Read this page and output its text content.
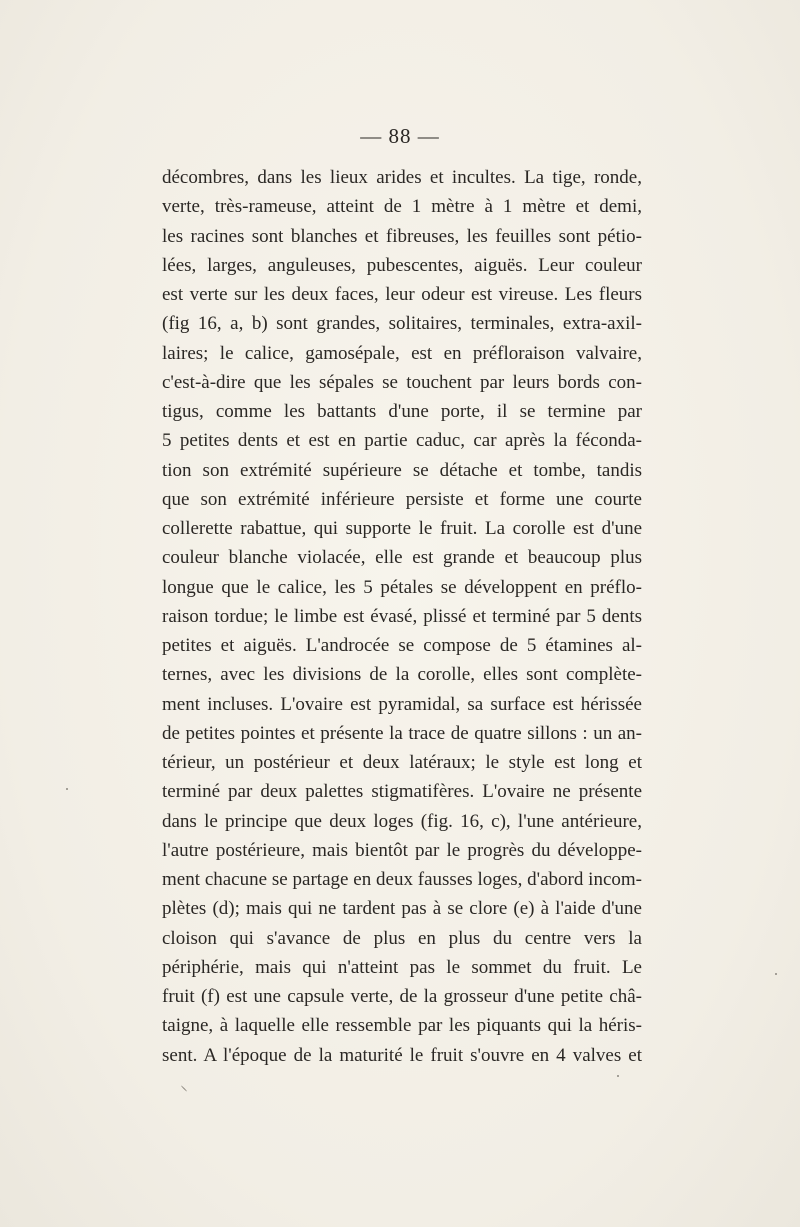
— 88 —
décombres, dans les lieux arides et incultes. La tige, ronde,
verte, très-rameuse, atteint de 1 mètre à 1 mètre et demi,
les racines sont blanches et fibreuses, les feuilles sont pétio-
lées, larges, anguleuses, pubescentes, aiguës. Leur couleur
est verte sur les deux faces, leur odeur est vireuse. Les fleurs
(fig 16, a, b) sont grandes, solitaires, terminales, extra-axil-
laires; le calice, gamosépale, est en préfloraison valvaire,
c'est-à-dire que les sépales se touchent par leurs bords con-
tigus, comme les battants d'une porte, il se termine par
5 petites dents et est en partie caduc, car après la féconda-
tion son extrémité supérieure se détache et tombe, tandis
que son extrémité inférieure persiste et forme une courte
collerette rabattue, qui supporte le fruit. La corolle est d'une
couleur blanche violacée, elle est grande et beaucoup plus
longue que le calice, les 5 pétales se développent en préflo-
raison tordue; le limbe est évasé, plissé et terminé par 5 dents
petites et aiguës. L'androcée se compose de 5 étamines al-
ternes, avec les divisions de la corolle, elles sont complète-
ment incluses. L'ovaire est pyramidal, sa surface est hérissée
de petites pointes et présente la trace de quatre sillons : un an-
térieur, un postérieur et deux latéraux; le style est long et
terminé par deux palettes stigmatifères. L'ovaire ne présente
dans le principe que deux loges (fig. 16, c), l'une antérieure,
l'autre postérieure, mais bientôt par le progrès du développe-
ment chacune se partage en deux fausses loges, d'abord incom-
plètes (d); mais qui ne tardent pas à se clore (e) à l'aide d'une
cloison qui s'avance de plus en plus du centre vers la
périphérie, mais qui n'atteint pas le sommet du fruit. Le
fruit (f) est une capsule verte, de la grosseur d'une petite châ-
taigne, à laquelle elle ressemble par les piquants qui la héris-
sent. A l'époque de la maturité le fruit s'ouvre en 4 valves et
